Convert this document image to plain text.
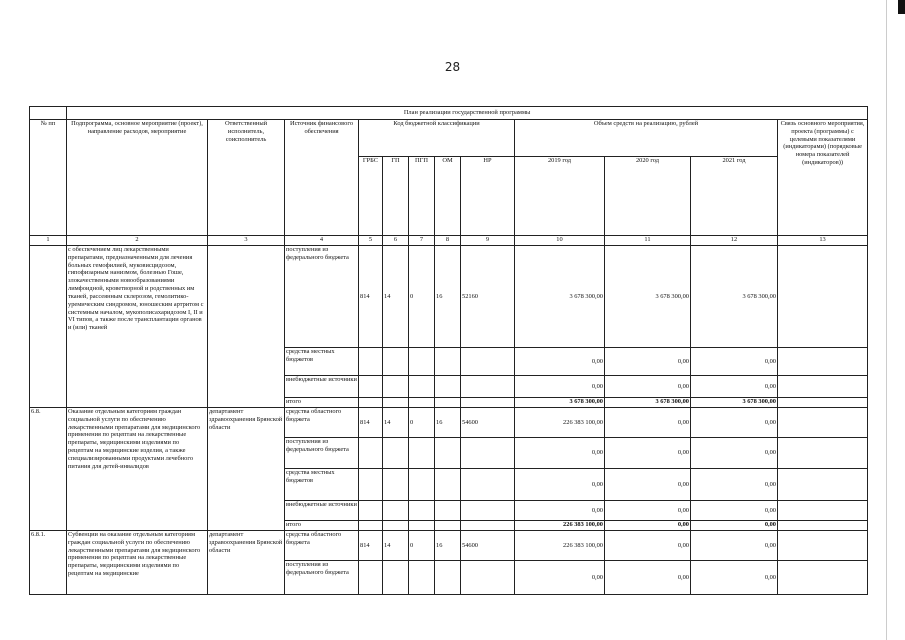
28
	План реализации государственной программы											
№ пп	Подпрограмма, основное мероприятие (проект), направление расходов, мероприятие	Ответственный исполнитель, соисполнитель	Источник финансового обеспечения	Код бюджетной классификации					Объем средств на реализацию, рублей			Связь основного мероприятия, проекта (программы) с целевыми показателями (индикаторами) (порядковые номера показателей (индикаторов))
				ГРБС	ГП	ПГП	ОМ	НР	2019 год	2020 год	2021 год	
1	2	3	4	5	6	7	8	9	10	11	12	13
	с обеспечением лиц лекарственными препаратами, предназначенными для лечения больных гемофилией, муковисцидозом, гипофизарным нанизмом, болезнью Гоше, злокачественными новообразованиями лимфоидной, кроветворной и родственных им тканей, рассеянным склерозом, гемолитико-уремическим синдромом, юношеским артритом с системным началом, мукополисахаридозом I, II и VI типов, а также после трансплантации органов и (или) тканей		поступления из федерального бюджета	814	14	0	16	52160	3 678 300,00	3 678 300,00	3 678 300,00	
			средства местных бюджетов						0,00	0,00	0,00	
			внебюджетные источники						0,00	0,00	0,00	
			итого						3 678 300,00	3 678 300,00	3 678 300,00	
6.8.	Оказание отдельным категориям граждан социальной услуги по обеспечению лекарственными препаратами для медицинского применения по рецептам на лекарственные препараты, медицинскими изделиями по рецептам на медицинские изделия, а также специализированными продуктами лечебного питания для детей-инвалидов	департамент здравоохранения Брянской области	средства областного бюджета	814	14	0	16	54600	226 383 100,00	0,00	0,00	
			поступления из федерального бюджета						0,00	0,00	0,00	
			средства местных бюджетов						0,00	0,00	0,00	
			внебюджетные источники						0,00	0,00	0,00	
			итого						226 383 100,00	0,00	0,00	
6.8.1.	Субвенции на оказание отдельным категориям граждан социальной услуги по обеспечению лекарственными препаратами для медицинского применения по рецептам на лекарственные препараты, медицинскими изделиями по рецептам на медицинские	департамент здравоохранения Брянской области	средства областного бюджета	814	14	0	16	54600	226 383 100,00	0,00	0,00	
			поступления из федерального бюджета						0,00	0,00	0,00	
